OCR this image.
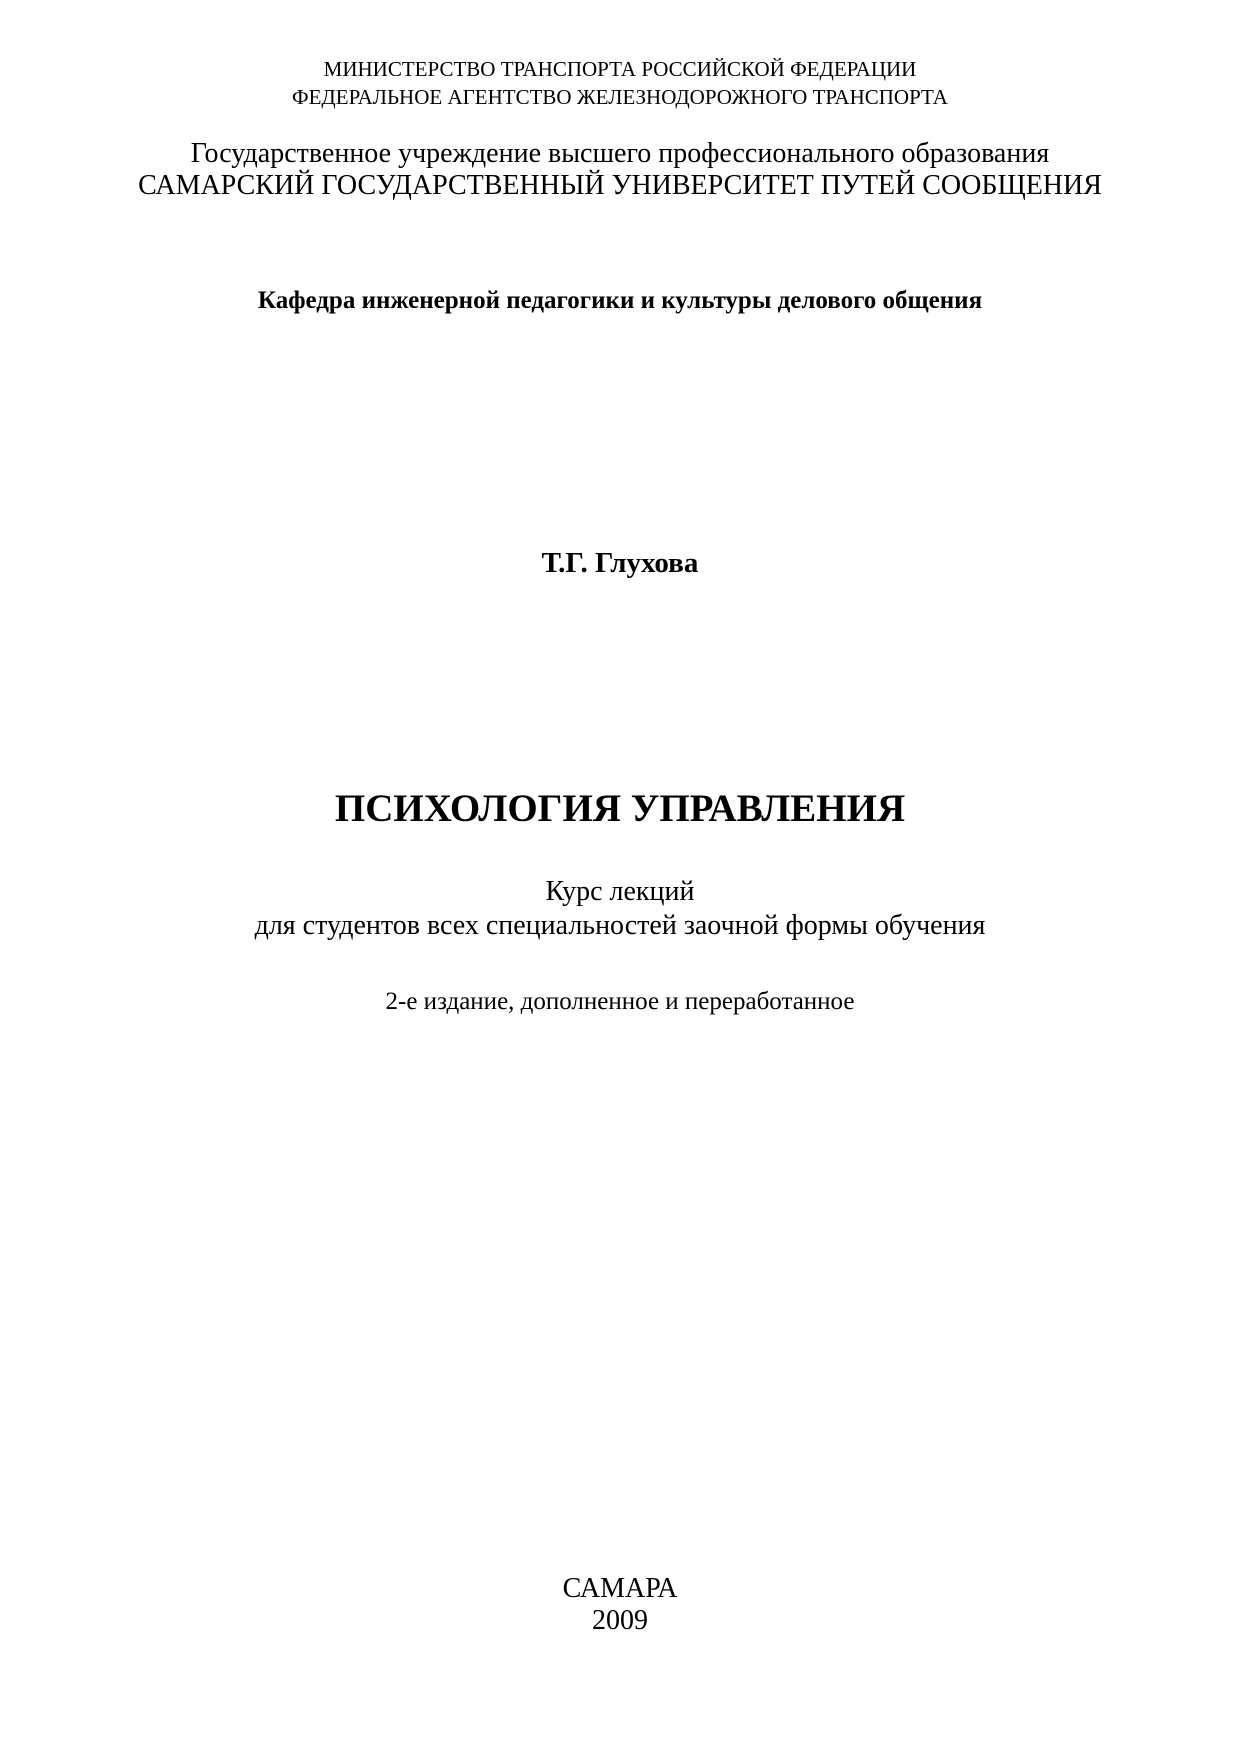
МИНИСТЕРСТВО ТРАНСПОРТА РОССИЙСКОЙ ФЕДЕРАЦИИ
ФЕДЕРАЛЬНОЕ АГЕНТСТВО ЖЕЛЕЗНОДОРОЖНОГО ТРАНСПОРТА
Государственное учреждение высшего профессионального образования
САМАРСКИЙ ГОСУДАРСТВЕННЫЙ УНИВЕРСИТЕТ ПУТЕЙ СООБЩЕНИЯ
Кафедра инженерной педагогики и культуры делового общения
Т.Г. Глухова
ПСИХОЛОГИЯ УПРАВЛЕНИЯ
Курс лекций
для студентов всех специальностей заочной формы обучения
2-е издание, дополненное и переработанное
САМАРА
2009
